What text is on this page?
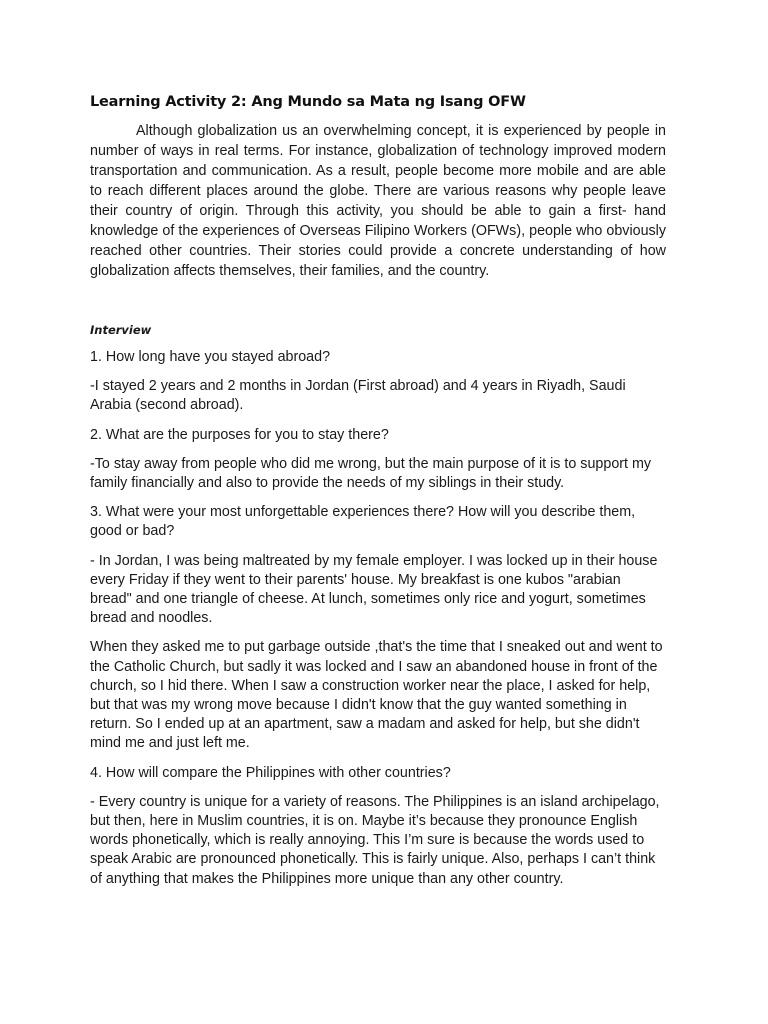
Learning Activity 2: Ang Mundo sa Mata ng Isang OFW

Although globalization us an overwhelming concept, it is experienced by people in number of ways in real terms. For instance, globalization of technology improved modern transportation and communication. As a result, people become more mobile and are able to reach different places around the globe. There are various reasons why people leave their country of origin. Through this activity, you should be able to gain a first- hand knowledge of the experiences of Overseas Filipino Workers (OFWs), people who obviously reached other countries. Their stories could provide a concrete understanding of how globalization affects themselves, their families, and the country.

Interview

1. How long have you stayed abroad?

-I stayed 2 years and 2 months in Jordan (First abroad) and 4 years in Riyadh, Saudi Arabia (second abroad).

2. What are the purposes for you to stay there?

-To stay away from people who did me wrong, but the main purpose of it is to support my family financially and also to provide the needs of my siblings in their study.

3. What were your most unforgettable experiences there? How will you describe them, good or bad?

- In Jordan, I was being maltreated by my female employer. I was locked up in their house every Friday if they went to their parents' house. My breakfast is one kubos "arabian bread" and one triangle of cheese. At lunch, sometimes only rice and yogurt, sometimes bread and noodles.

When they asked me to put garbage outside ,that's the time that I sneaked out and went to the Catholic Church, but sadly it was locked and I saw an abandoned house in front of the church, so I hid there. When I saw a construction worker near the place, I asked for help, but that was my wrong move because I didn't know that the guy wanted something in return. So I ended up at an apartment, saw a madam and asked for help, but she didn't mind me and just left me.

4. How will compare the Philippines with other countries?

- Every country is unique for a variety of reasons. The Philippines is an island archipelago, but then, here in Muslim countries, it is on. Maybe it’s because they pronounce English words phonetically, which is really annoying. This I’m sure is because the words used to speak Arabic are pronounced phonetically. This is fairly unique. Also, perhaps I can’t think of anything that makes the Philippines more unique than any other country.
